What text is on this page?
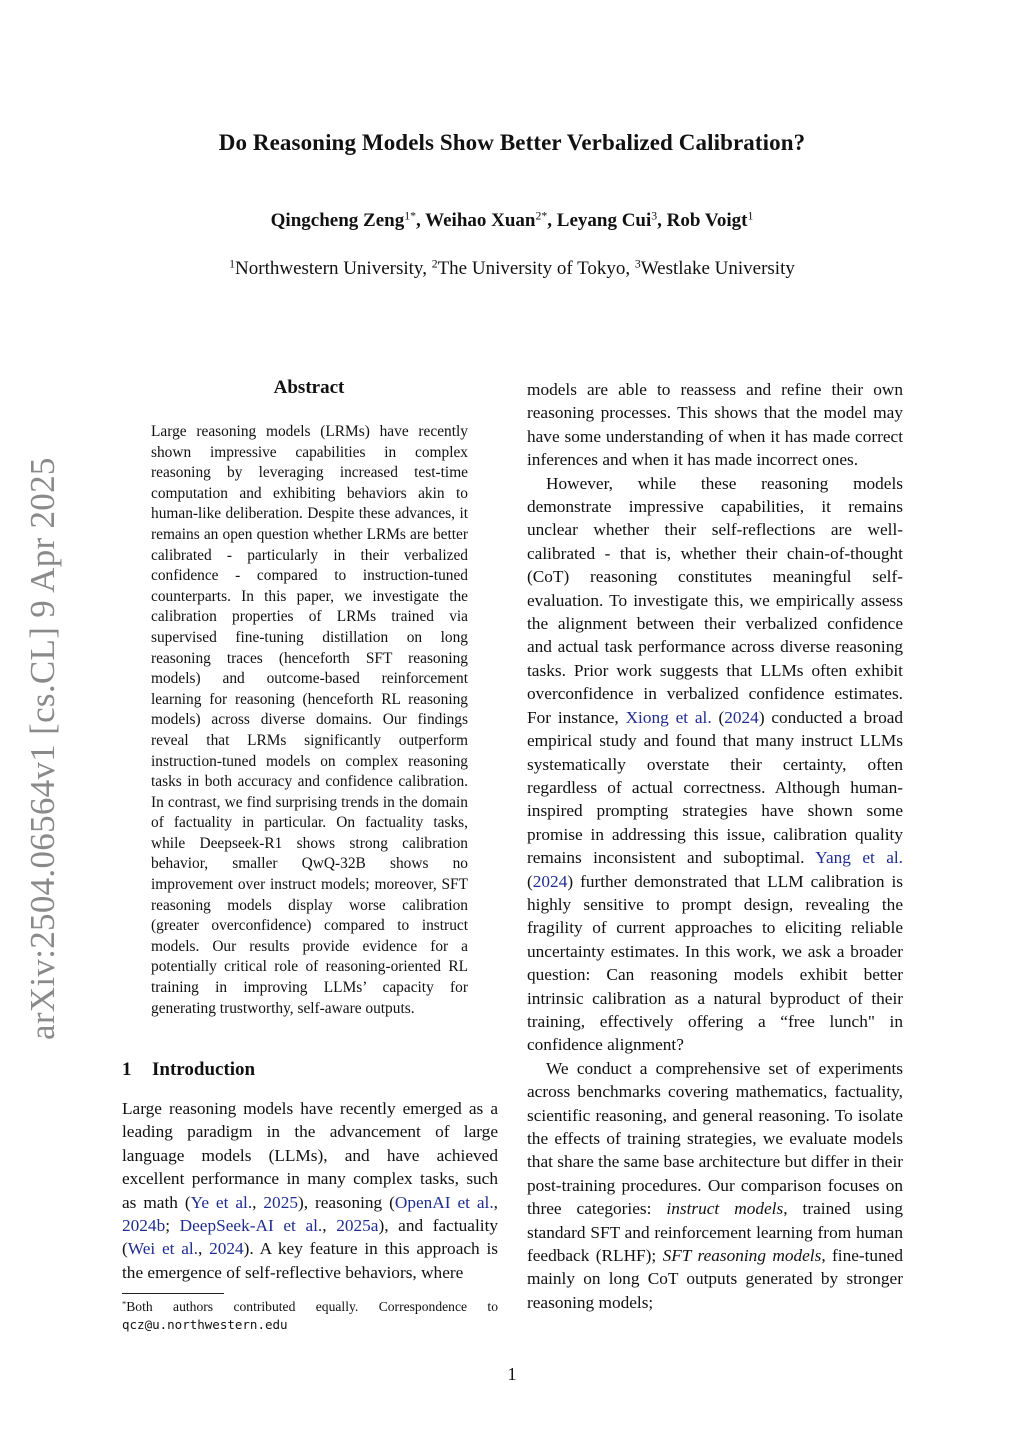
arXiv:2504.06564v1 [cs.CL] 9 Apr 2025
Do Reasoning Models Show Better Verbalized Calibration?
Qingcheng Zeng$^{1*}$, Weihao Xuan$^{2*}$, Leyang Cui$^3$, Rob Voigt$^1$
$^1$Northwestern University, $^2$The University of Tokyo, $^3$Westlake University
Abstract
Large reasoning models (LRMs) have recently shown impressive capabilities in complex reasoning by leveraging increased test-time computation and exhibiting behaviors akin to human-like deliberation. Despite these advances, it remains an open question whether LRMs are better calibrated - particularly in their verbalized confidence - compared to instruction-tuned counterparts. In this paper, we investigate the calibration properties of LRMs trained via supervised fine-tuning distillation on long reasoning traces (henceforth SFT reasoning models) and outcome-based reinforcement learning for reasoning (henceforth RL reasoning models) across diverse domains. Our findings reveal that LRMs significantly outperform instruction-tuned models on complex reasoning tasks in both accuracy and confidence calibration. In contrast, we find surprising trends in the domain of factuality in particular. On factuality tasks, while Deepseek-R1 shows strong calibration behavior, smaller QwQ-32B shows no improvement over instruct models; moreover, SFT reasoning models display worse calibration (greater overconfidence) compared to instruct models. Our results provide evidence for a potentially critical role of reasoning-oriented RL training in improving LLMs’ capacity for generating trustworthy, self-aware outputs.
1 Introduction

Large reasoning models have recently emerged as a leading paradigm in the advancement of large language models (LLMs), and have achieved excellent performance in many complex tasks, such as math (Ye et al., 2025), reasoning (OpenAI et al., 2024b; DeepSeek-AI et al., 2025a), and factuality (Wei et al., 2024). A key feature in this approach is the emergence of self-reflective behaviors, where

*Both authors contributed equally. Correspondence to qcz@u.northwestern.edu

models are able to reassess and refine their own reasoning processes. This shows that the model may have some understanding of when it has made correct inferences and when it has made incorrect ones.

However, while these reasoning models demonstrate impressive capabilities, it remains unclear whether their self-reflections are well-calibrated - that is, whether their chain-of-thought (CoT) reasoning constitutes meaningful self-evaluation. To investigate this, we empirically assess the alignment between their verbalized confidence and actual task performance across diverse reasoning tasks. Prior work suggests that LLMs often exhibit overconfidence in verbalized confidence estimates. For instance, Xiong et al. (2024) conducted a broad empirical study and found that many instruct LLMs systematically overstate their certainty, often regardless of actual correctness. Although human-inspired prompting strategies have shown some promise in addressing this issue, calibration quality remains inconsistent and suboptimal. Yang et al. (2024) further demonstrated that LLM calibration is highly sensitive to prompt design, revealing the fragility of current approaches to eliciting reliable uncertainty estimates. In this work, we ask a broader question: Can reasoning models exhibit better intrinsic calibration as a natural byproduct of their training, effectively offering a “free lunch" in confidence alignment?

We conduct a comprehensive set of experiments across benchmarks covering mathematics, factuality, scientific reasoning, and general reasoning. To isolate the effects of training strategies, we evaluate models that share the same base architecture but differ in their post-training procedures. Our comparison focuses on three categories: instruct models, trained using standard SFT and reinforcement learning from human feedback (RLHF); SFT reasoning models, fine-tuned mainly on long CoT outputs generated by stronger reasoning models;

1
